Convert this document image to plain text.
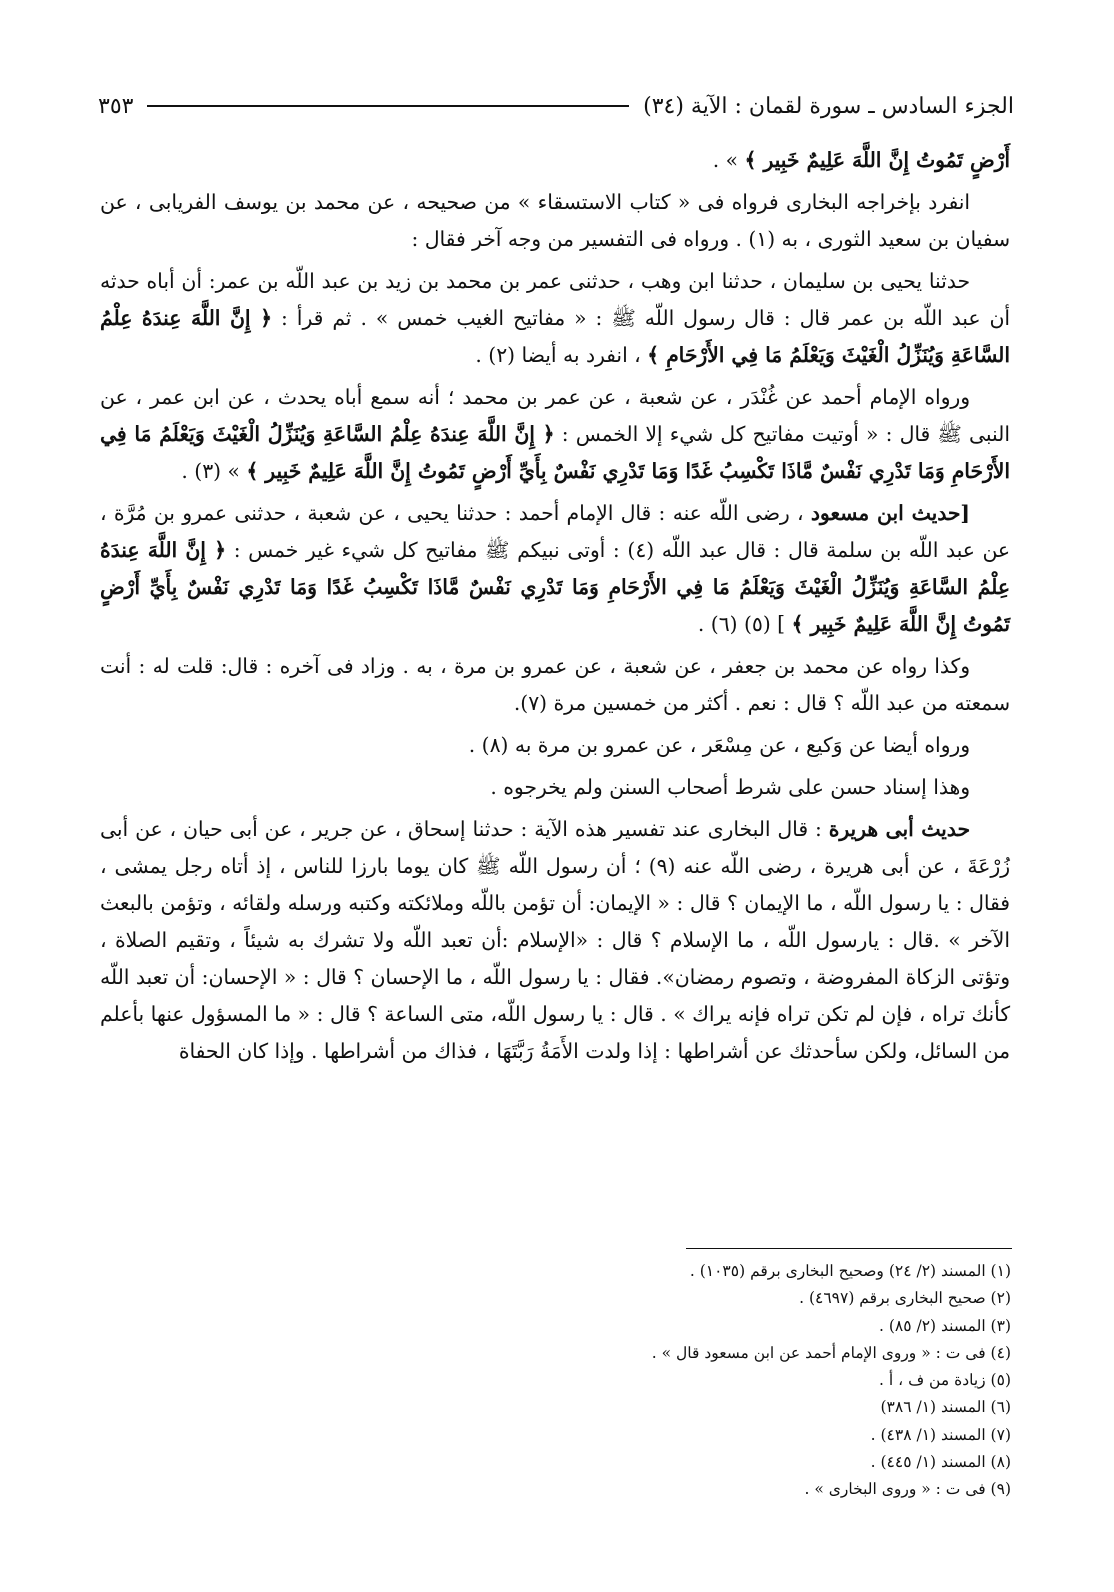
الجزء السادس ـ سورة لقمان : الآية (٣٤)
٣٥٣

أَرْضٍ تَمُوتُ إِنَّ اللَّهَ عَلِيمٌ خَبِير ﴾ » .

انفرد بإخراجه البخارى فرواه فى « كتاب الاستسقاء » من صحيحه ، عن محمد بن يوسف الفريابى ، عن سفيان بن سعيد الثورى ، به (١) . ورواه فى التفسير من وجه آخر فقال :

حدثنا يحيى بن سليمان ، حدثنا ابن وهب ، حدثنى عمر بن محمد بن زيد بن عبد اللّه بن عمر: أن أباه حدثه أن عبد اللّه بن عمر قال : قال رسول اللّه ﷺ : « مفاتيح الغيب خمس » . ثم قرأ : ﴿ إِنَّ اللَّهَ عِندَهُ عِلْمُ السَّاعَةِ وَيُنَزِّلُ الْغَيْثَ وَيَعْلَمُ مَا فِي الأَرْحَامِ ﴾ ، انفرد به أيضا (٢) .

ورواه الإمام أحمد عن غُنْدَر ، عن شعبة ، عن عمر بن محمد ؛ أنه سمع أباه يحدث ، عن ابن عمر ، عن النبى ﷺ قال : « أوتيت مفاتيح كل شيء إلا الخمس : ﴿ إِنَّ اللَّهَ عِندَهُ عِلْمُ السَّاعَةِ وَيُنَزِّلُ الْغَيْثَ وَيَعْلَمُ مَا فِي الأَرْحَامِ وَمَا تَدْرِي نَفْسٌ مَّاذَا تَكْسِبُ غَدًا وَمَا تَدْرِي نَفْسٌ بِأَيِّ أَرْضٍ تَمُوتُ إِنَّ اللَّهَ عَلِيمٌ خَبِير ﴾ » (٣) .

[حديث ابن مسعود ، رضى اللّه عنه : قال الإمام أحمد : حدثنا يحيى ، عن شعبة ، حدثنى عمرو بن مُرَّة ، عن عبد اللّه بن سلمة قال : قال عبد اللّه (٤) : أوتى نبيكم ﷺ مفاتيح كل شيء غير خمس : ﴿ إِنَّ اللَّهَ عِندَهُ عِلْمُ السَّاعَةِ وَيُنَزِّلُ الْغَيْثَ وَيَعْلَمُ مَا فِي الأَرْحَامِ وَمَا تَدْرِي نَفْسٌ مَّاذَا تَكْسِبُ غَدًا وَمَا تَدْرِي نَفْسٌ بِأَيِّ أَرْضٍ تَمُوتُ إِنَّ اللَّهَ عَلِيمٌ خَبِير ﴾ ] (٥) (٦) .

وكذا رواه عن محمد بن جعفر ، عن شعبة ، عن عمرو بن مرة ، به . وزاد فى آخره : قال: قلت له : أنت سمعته من عبد اللّه ؟ قال : نعم . أكثر من خمسين مرة (٧).

ورواه أيضا عن وَكيع ، عن مِسْعَر ، عن عمرو بن مرة به (٨) .

وهذا إسناد حسن على شرط أصحاب السنن ولم يخرجوه .

حديث أبى هريرة : قال البخارى عند تفسير هذه الآية : حدثنا إسحاق ، عن جرير ، عن أبى حيان ، عن أبى زُرْعَةَ ، عن أبى هريرة ، رضى اللّه عنه (٩) ؛ أن رسول اللّه ﷺ كان يوما بارزا للناس ، إذ أتاه رجل يمشى ، فقال : يا رسول اللّه ، ما الإيمان ؟ قال : « الإيمان: أن تؤمن باللّه وملائكته وكتبه ورسله ولقائه ، وتؤمن بالبعث الآخر » .قال : يارسول اللّه ، ما الإسلام ؟ قال : «الإسلام :أن تعبد اللّه ولا تشرك به شيئاً ، وتقيم الصلاة ، وتؤتى الزكاة المفروضة ، وتصوم رمضان». فقال : يا رسول اللّه ، ما الإحسان ؟ قال : « الإحسان: أن تعبد اللّه كأنك تراه ، فإن لم تكن تراه فإنه يراك » . قال : يا رسول اللّه، متى الساعة ؟ قال : « ما المسؤول عنها بأعلم من السائل، ولكن سأحدثك عن أشراطها : إذا ولدت الأَمَةُ رَبَّتَهَا ، فذاك من أشراطها . وإذا كان الحفاة

(١) المسند (٢/ ٢٤) وصحيح البخارى برقم (١٠٣٥) .
(٢) صحيح البخارى برقم (٤٦٩٧) .
(٣) المسند (٢/ ٨٥) .
(٤) فى ت : « وروى الإمام أحمد عن ابن مسعود قال » .
(٥) زيادة من ف ، أ .
(٦) المسند (١/ ٣٨٦)
(٧) المسند (١/ ٤٣٨) .
(٨) المسند (١/ ٤٤٥) .
(٩) فى ت : « وروى البخارى » .
